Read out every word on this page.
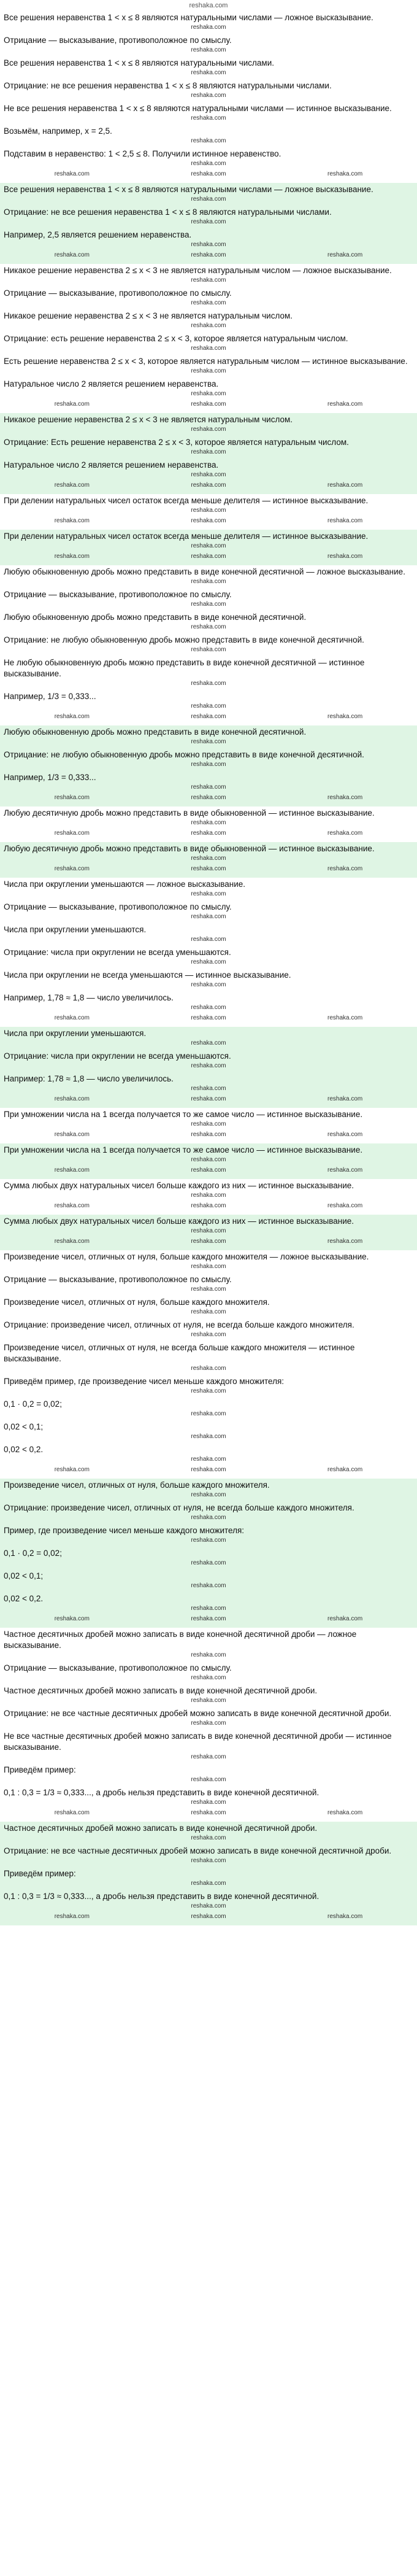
reshaka.com

Все решения неравенства 1 < x ≤ 8 являются натуральными числами — ложное высказывание.
reshaka.com

Отрицание — высказывание, противоположное по смыслу.
reshaka.com

Все решения неравенства 1 < x ≤ 8 являются натуральными числами.
reshaka.com

Отрицание: не все решения неравенства 1 < x ≤ 8 являются натуральными числами.
reshaka.com

Не все решения неравенства 1 < x ≤ 8 являются натуральными числами — истинное высказывание.
reshaka.com

Возьмём, например, x = 2,5.
reshaka.com

Подставим в неравенство: 1 < 2,5 ≤ 8. Получили истинное неравенство.
reshaka.com

reshaka.com	reshaka.com	reshaka.com

Все решения неравенства 1 < x ≤ 8 являются натуральными числами — ложное высказывание.
reshaka.com

Отрицание: не все решения неравенства 1 < x ≤ 8 являются натуральными числами.
reshaka.com

Например, 2,5 является решением неравенства.
reshaka.com

reshaka.com	reshaka.com	reshaka.com

Никакое решение неравенства 2 ≤ x < 3 не является натуральным числом — ложное высказывание.
reshaka.com

Отрицание — высказывание, противоположное по смыслу.
reshaka.com

Никакое решение неравенства 2 ≤ x < 3 не является натуральным числом.
reshaka.com

Отрицание: есть решение неравенства 2 ≤ x < 3, которое является натуральным числом.
reshaka.com

Есть решение неравенства 2 ≤ x < 3, которое является натуральным числом — истинное высказывание.
reshaka.com

Натуральное число 2 является решением неравенства.
reshaka.com

reshaka.com	reshaka.com	reshaka.com

Никакое решение неравенства 2 ≤ x < 3 не является натуральным числом.
reshaka.com

Отрицание: Есть решение неравенства 2 ≤ x < 3, которое является натуральным числом.
reshaka.com

Натуральное число 2 является решением неравенства.
reshaka.com

reshaka.com	reshaka.com	reshaka.com

При делении натуральных чисел остаток всегда меньше делителя — истинное высказывание.
reshaka.com

reshaka.com	reshaka.com	reshaka.com

При делении натуральных чисел остаток всегда меньше делителя — истинное высказывание.
reshaka.com

reshaka.com	reshaka.com	reshaka.com

Любую обыкновенную дробь можно представить в виде конечной десятичной — ложное высказывание.
reshaka.com

Отрицание — высказывание, противоположное по смыслу.
reshaka.com

Любую обыкновенную дробь можно представить в виде конечной десятичной.
reshaka.com

Отрицание: не любую обыкновенную дробь можно представить в виде конечной десятичной.
reshaka.com

Не любую обыкновенную дробь можно представить в виде конечной десятичной — истинное высказывание.
reshaka.com

Например, 1/3 = 0,333...
reshaka.com

reshaka.com	reshaka.com	reshaka.com

Любую обыкновенную дробь можно представить в виде конечной десятичной.
reshaka.com

Отрицание: не любую обыкновенную дробь можно представить в виде конечной десятичной.
reshaka.com

Например, 1/3 = 0,333...
reshaka.com

reshaka.com	reshaka.com	reshaka.com

Любую десятичную дробь можно представить в виде обыкновенной — истинное высказывание.
reshaka.com

reshaka.com	reshaka.com	reshaka.com

Любую десятичную дробь можно представить в виде обыкновенной — истинное высказывание.
reshaka.com

reshaka.com	reshaka.com	reshaka.com

Числа при округлении уменьшаются — ложное высказывание.
reshaka.com

Отрицание — высказывание, противоположное по смыслу.
reshaka.com

Числа при округлении уменьшаются.
reshaka.com

Отрицание: числа при округлении не всегда уменьшаются.
reshaka.com

Числа при округлении не всегда уменьшаются — истинное высказывание.
reshaka.com

Например, 1,78 ≈ 1,8 — число увеличилось.
reshaka.com

reshaka.com	reshaka.com	reshaka.com

Числа при округлении уменьшаются.
reshaka.com

Отрицание: числа при округлении не всегда уменьшаются.
reshaka.com

Например: 1,78 ≈ 1,8 — число увеличилось.
reshaka.com

reshaka.com	reshaka.com	reshaka.com

При умножении числа на 1 всегда получается то же самое число — истинное высказывание.
reshaka.com

reshaka.com	reshaka.com	reshaka.com

При умножении числа на 1 всегда получается то же самое число — истинное высказывание.
reshaka.com

reshaka.com	reshaka.com	reshaka.com

Сумма любых двух натуральных чисел больше каждого из них — истинное высказывание.
reshaka.com

reshaka.com	reshaka.com	reshaka.com

Сумма любых двух натуральных чисел больше каждого из них — истинное высказывание.
reshaka.com

reshaka.com	reshaka.com	reshaka.com

Произведение чисел, отличных от нуля, больше каждого множителя — ложное высказывание.
reshaka.com

Отрицание — высказывание, противоположное по смыслу.
reshaka.com

Произведение чисел, отличных от нуля, больше каждого множителя.
reshaka.com

Отрицание: произведение чисел, отличных от нуля, не всегда больше каждого множителя.
reshaka.com

Произведение чисел, отличных от нуля, не всегда больше каждого множителя — истинное высказывание.
reshaka.com

Приведём пример, где произведение чисел меньше каждого множителя:
reshaka.com

0,1 · 0,2 = 0,02;
reshaka.com

0,02 < 0,1;
reshaka.com

0,02 < 0,2.
reshaka.com

reshaka.com	reshaka.com	reshaka.com

Произведение чисел, отличных от нуля, больше каждого множителя.
reshaka.com

Отрицание: произведение чисел, отличных от нуля, не всегда больше каждого множителя.
reshaka.com

Пример, где произведение чисел меньше каждого множителя:
reshaka.com

0,1 · 0,2 = 0,02;
reshaka.com

0,02 < 0,1;
reshaka.com

0,02 < 0,2.
reshaka.com

reshaka.com	reshaka.com	reshaka.com

Частное десятичных дробей можно записать в виде конечной десятичной дроби — ложное высказывание.
reshaka.com

Отрицание — высказывание, противоположное по смыслу.
reshaka.com

Частное десятичных дробей можно записать в виде конечной десятичной дроби.
reshaka.com

Отрицание: не все частные десятичных дробей можно записать в виде конечной десятичной дроби.
reshaka.com

Не все частные десятичных дробей можно записать в виде конечной десятичной дроби — истинное высказывание.
reshaka.com

Приведём пример:
reshaka.com

0,1 : 0,3 = 1/3 ≈ 0,333..., а дробь нельзя представить в виде конечной десятичной.
reshaka.com

reshaka.com	reshaka.com	reshaka.com

Частное десятичных дробей можно записать в виде конечной десятичной дроби.
reshaka.com

Отрицание: не все частные десятичных дробей можно записать в виде конечной десятичной дроби.
reshaka.com

Приведём пример:
reshaka.com

0,1 : 0,3 = 1/3 ≈ 0,333..., а дробь нельзя представить в виде конечной десятичной.
reshaka.com

reshaka.com	reshaka.com	reshaka.com
